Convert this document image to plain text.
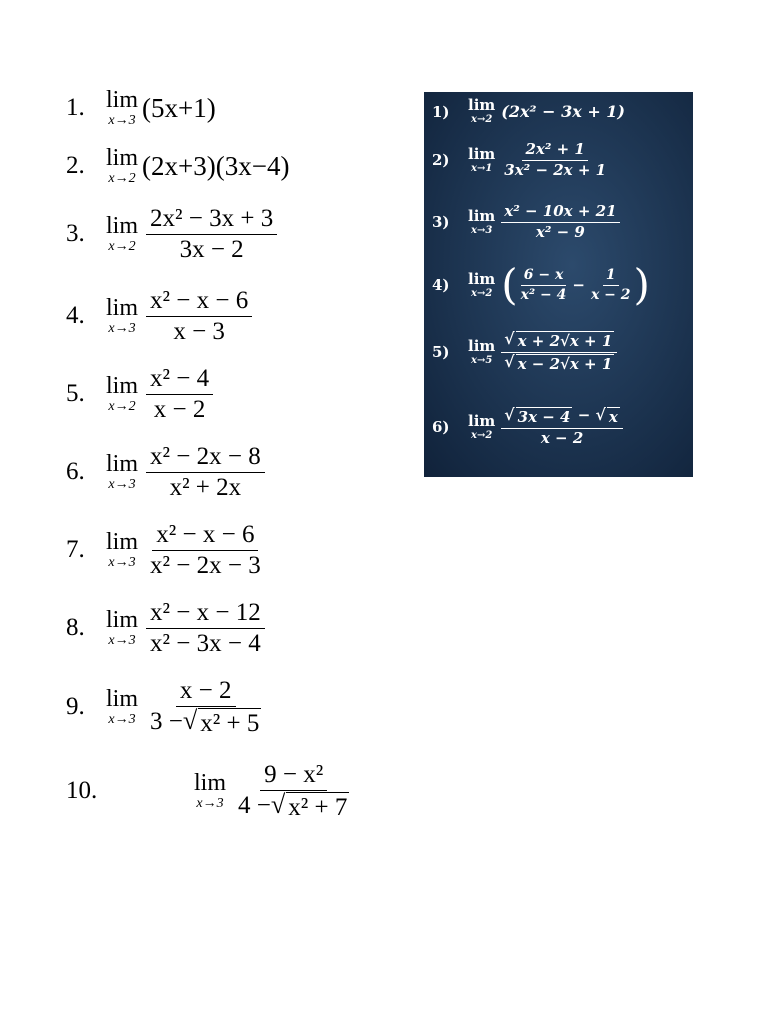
1. lim
x→3 (5x+1)
2. lim
x→2 (2x+3)(3x−4)
3. lim
$x\to 2 \frac{\text{2x² − 3x + 3}}{3x - 2}$
4. lim
$x\to 3 \frac{\text{x² − x − 6}}{x - 3}$
5. lim
$x\to 2 \frac{\text{x² − 4}}{x - 2}$
6. lim
$x\to 3 \frac{\text{x² − 2x − 8}}{\text{x² + 2x}}$
7. lim
$x\to 3 \frac{\text{x² − x − 6}}{\text{x² − 2x − 3}}$
8. lim
$x\to 3 \frac{\text{x² − x − 12}}{\text{x² − 3x − 4}}$
9. lim
$x\to 3 \frac{x - 2}{\text{3 − √ x² + 5}}$
10.	lim
$x\to 3 \frac{\text{9 − x²}}{\text{4 − √ x² + 7}}$
1)	lim
x→2 (2x² − 3x + 1)
2)	lim
x→1
2x² + 1
3x² − 2x + 1
3)	lim
x→3
x² − 10x + 21
x² − 9
4)	lim
x→2 ( 6 − x
x² − 4
− $\frac{1}{x - 2}$ )
5)	lim
x→5
√ x + 2√x + 1
√ x − 2√x + 1
6)	lim
x→2
√ 3x − 4 − √ x
x − 2
